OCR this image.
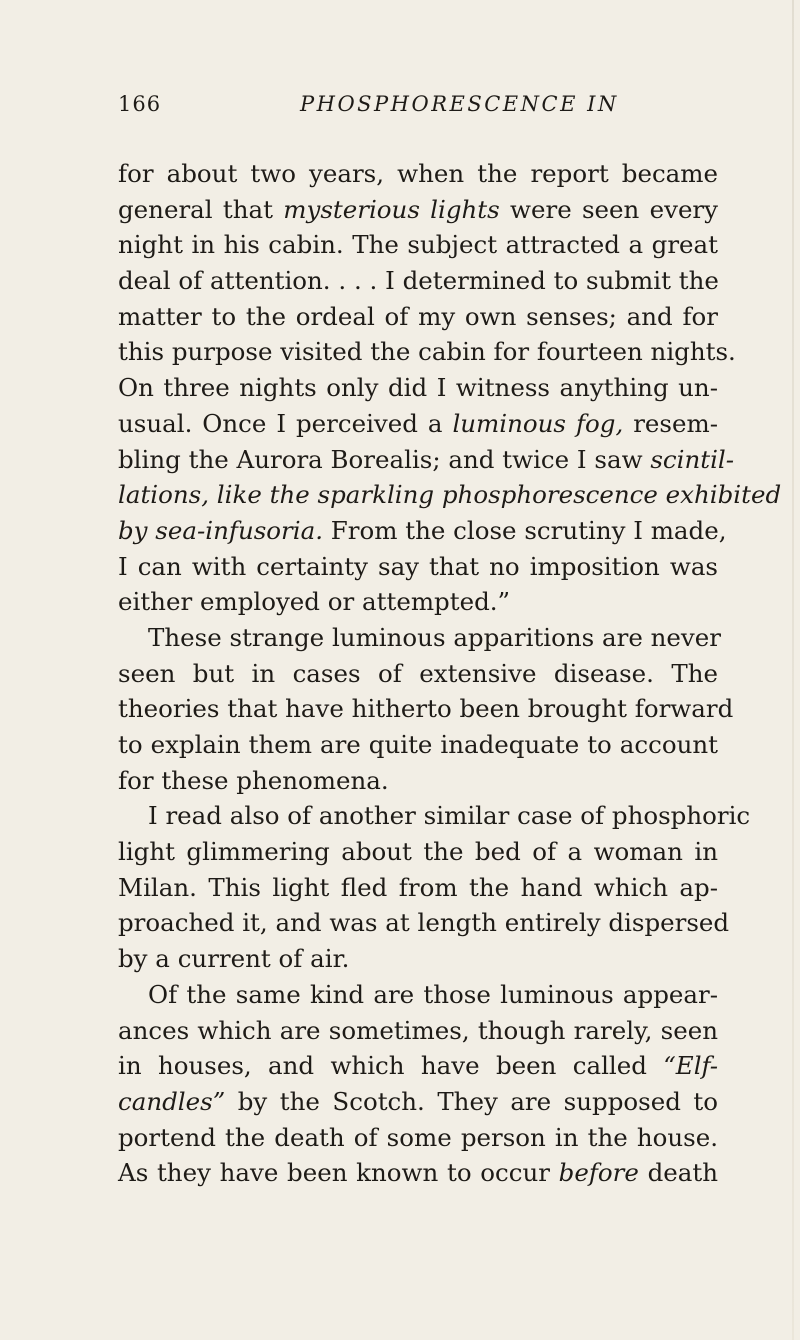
166	PHOSPHORESCENCE IN
for about two years, when the report became
general that mysterious lights were seen every
night in his cabin. The subject attracted a great
deal of attention. . . . I determined to submit the
matter to the ordeal of my own senses; and for
this purpose visited the cabin for fourteen nights.
On three nights only did I witness anything un-
usual. Once I perceived a luminous fog, resem-
bling the Aurora Borealis; and twice I saw scintil-
lations, like the sparkling phosphorescence exhibited
by sea-infusoria. From the close scrutiny I made,
I can with certainty say that no imposition was
either employed or attempted.”
These strange luminous apparitions are never
seen but in cases of extensive disease. The
theories that have hitherto been brought forward
to explain them are quite inadequate to account
for these phenomena.
I read also of another similar case of phosphoric
light glimmering about the bed of a woman in
Milan. This light fled from the hand which ap-
proached it, and was at length entirely dispersed
by a current of air.
Of the same kind are those luminous appear-
ances which are sometimes, though rarely, seen
in houses, and which have been called “Elf-
candles” by the Scotch. They are supposed to
portend the death of some person in the house.
As they have been known to occur before death
